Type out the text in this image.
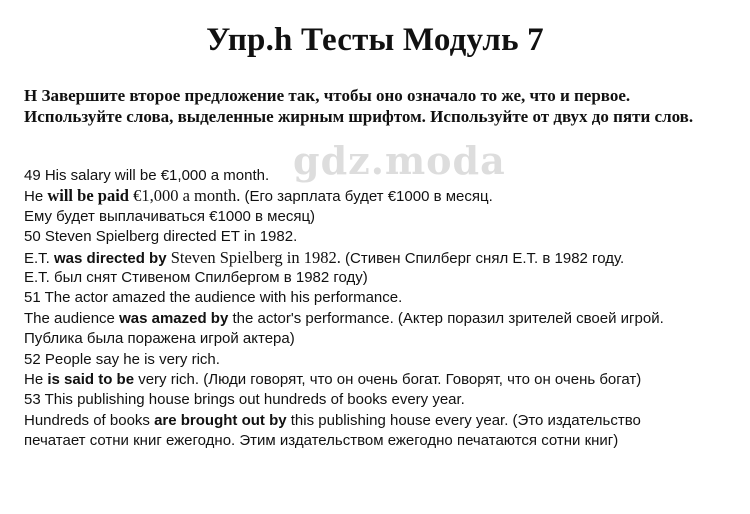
Упр.h Тесты Модуль 7
Н Завершите второе предложение так, чтобы оно означало то же, что и первое. Используйте слова, выделенные жирным шрифтом. Используйте от двух до пяти слов.
gdz.moda
49 His salary will be €1,000 a month.
He will be paid €1,000 a month. (Его зарплата будет €1000 в месяц.
Ему будет выплачиваться €1000 в месяц)
50 Steven Spielberg directed ET in 1982.
E.T. was directed by Steven Spielberg in 1982. (Стивен Спилберг снял E.T. в 1982 году.
E.T. был снят Стивеном Спилбергом в 1982 году)
51 The actor amazed the audience with his performance.
The audience was amazed by the actor's performance. (Актер поразил зрителей своей игрой.
Публика была поражена игрой актера)
52 People say he is very rich.
He is said to be very rich. (Люди говорят, что он очень богат. Говорят, что он очень богат)
53 This publishing house brings out hundreds of books every year.
Hundreds of books are brought out by this publishing house every year. (Это издательство
печатает сотни книг ежегодно. Этим издательством ежегодно печатаются сотни книг)
